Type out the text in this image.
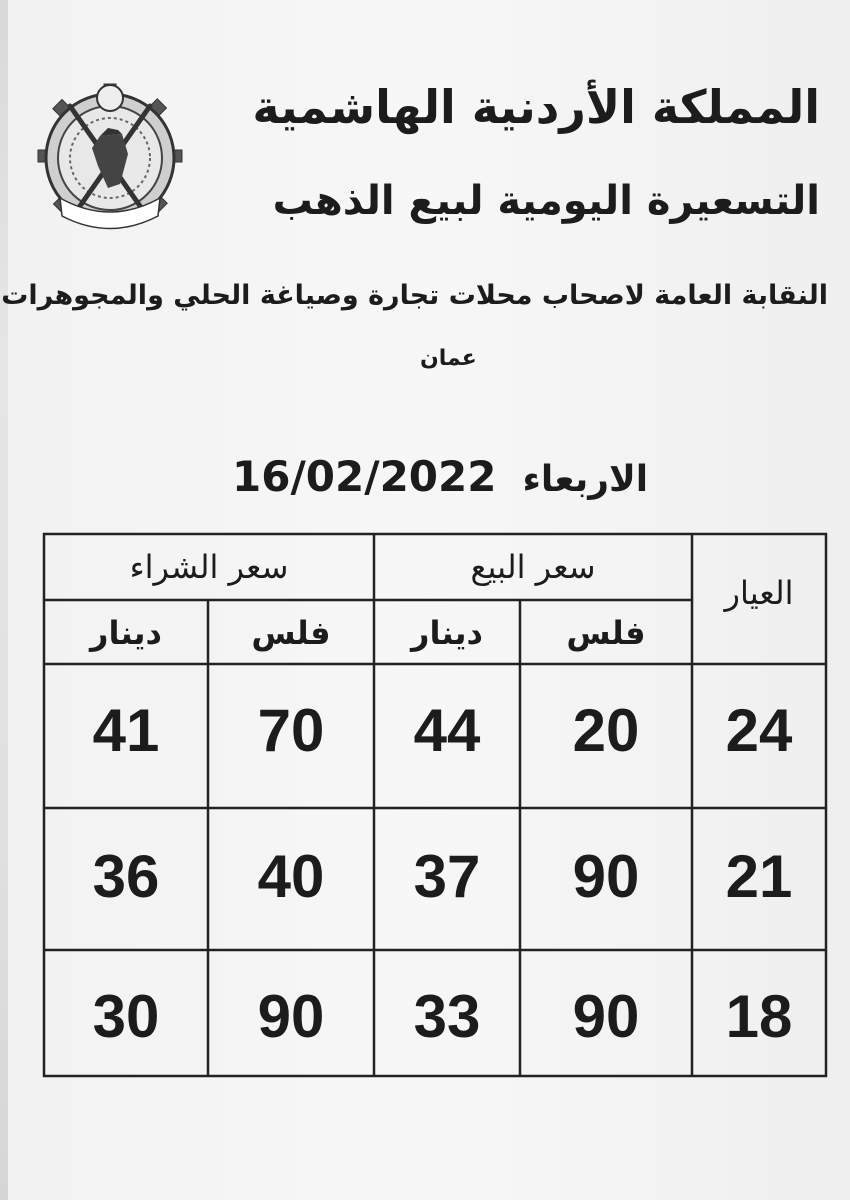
المملكة الأردنية الهاشمية
التسعيرة اليومية لبيع الذهب
النقابة العامة لاصحاب محلات تجارة وصياغة الحلي والمجوهرات
عمان
16/02/2022 الاربعاء
العيار
سعر البيع
سعر الشراء
فلس
دينار
فلس
دينار
24
20
44
70
41
21
90
37
40
36
18
90
33
90
30
